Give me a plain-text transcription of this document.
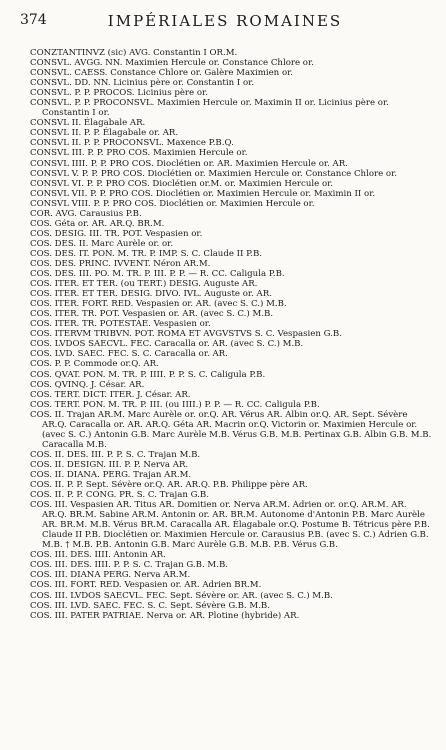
374	IMPÉRIALES ROMAINES
CONZTANTINVZ (sic) AVG. Constantin I OR.M.
CONSVL. AVGG. NN. Maximien Hercule or. Constance Chlore or.
CONSVL. CAESS. Constance Chlore or. Galère Maximien or.
CONSVL. DD. NN. Licinius père or. Constantin I or.
CONSVL. P. P. PROCOS. Licinius père or.
CONSVL. P. P. PROCONSVL. Maximien Hercule or. Maximin II or. Licinius père or. Constantin I or.
CONSVL II. Élagabale AR.
CONSVL II. P. P. Élagabale or. AR.
CONSVL II. P. P. PROCONSVL. Maxence P.B.Q.
CONSVL III. P. P. PRO COS. Maximien Hercule or.
CONSVL IIII. P. P. PRO COS. Dioclétien or. AR. Maximien Hercule or. AR.
CONSVL V. P. P. PRO COS. Dioclétien or. Maximien Hercule or. Constance Chlore or.
CONSVL VI. P. P. PRO COS. Dioclétien or.M. or. Maximien Hercule or.
CONSVL VII. P. P. PRO COS. Dioclétien or. Maximien Hercule or. Maximin II or.
CONSVL VIII. P. P. PRO COS. Dioclétien or. Maximien Hercule or.
COR. AVG. Carausius P.B.
COS. Géta or. AR. AR.Q. BR.M.
COS. DESIG. III. TR. POT. Vespasien or.
COS. DES. II. Marc Aurèle or. or.
COS. DES. IT. PON. M. TR. P. IMP. S. C. Claude II P.B.
COS. DES. PRINC. IVVENT. Néron AR.M.
COS. DES. III. PO. M. TR. P. III. P. P. — R. CC. Caligula P.B.
COS. ITER. ET TER. (ou TERT.) DESIG. Auguste AR.
COS. ITER. ET TER. DESIG. DIVO. IVL. Auguste or. AR.
COS. ITER. FORT. RED. Vespasien or. AR. (avec S. C.) M.B.
COS. ITER. TR. POT. Vespasien or. AR. (avec S. C.) M.B.
COS. ITER. TR. POTESTAE. Vespasien or.
COS. ITERVM TRIBVN. POT. ROMA ET AVGVSTVS S. C. Vespasien G.B.
COS. LVDOS SAECVL. FEC. Caracalla or. AR. (avec S. C.) M.B.
COS. LVD. SAEC. FEC. S. C. Caracalla or. AR.
COS. P. P. Commode or.Q. AR.
COS. QVAT. PON. M. TR. P. IIII. P. P. S. C. Caligula P.B.
COS. QVINQ. J. César. AR.
COS. TERT. DICT. ITER. J. César. AR.
COS. TERT. PON. M. TR. P. III. (ou IIII.) P. P. — R. CC. Caligula P.B.
COS. II. Trajan AR.M. Marc Aurèle or. or.Q. AR. Vérus AR. Albin or.Q. AR. Sept. Sévère AR.Q. Caracalla or. AR. AR.Q. Géta AR. Macrin or.Q. Victorin or. Maximien Hercule or. (avec S. C.) Antonin G.B. Marc Aurèle M.B. Vérus G.B. M.B. Pertinax G.B. Albin G.B. M.B. Caracalla M.B.
COS. II. DES. III. P. P. S. C. Trajan M.B.
COS. II. DESIGN. III. P. P. Nerva AR.
COS. II. DIANA. PERG. Trajan AR.M.
COS. II. P. P. Sept. Sévère or.Q. AR. AR.Q. P.B. Philippe père AR.
COS. II. P. P. CONG. PR. S. C. Trajan G.B.
COS. III. Vespasien AR. Titus AR. Domitien or. Nerva AR.M. Adrien or. or.Q. AR.M. AR. AR.Q. BR.M. Sabine AR.M. Antonin or. AR. BR.M. Autonome d'Antonin P.B. Marc Aurèle AR. BR.M. M.B. Vérus BR.M. Caracalla AR. Élagabale or.Q. Postume B. Tétricus père P.B. Claude II P.B. Dioclétien or. Maximien Hercule or. Carausius P.B. (avec S. C.) Adrien G.B. M.B. † M.B. P.B. Antonin G.B. Marc Aurèle G.B. M.B. P.B. Vérus G.B.
COS. III. DES. IIII. Antonin AR.
COS. III. DES. IIII. P. P. S. C. Trajan G.B. M.B.
COS. III. DIANA PERG. Nerva AR.M.
COS. III. FORT. RED. Vespasien or. AR. Adrien BR.M.
COS. III. LVDOS SAECVL. FEC. Sept. Sévère or. AR. (avec S. C.) M.B.
COS. III. LVD. SAEC. FEC. S. C. Sept. Sévère G.B. M.B.
COS. III. PATER PATRIAE. Nerva or. AR. Plotine (hybride) AR.
